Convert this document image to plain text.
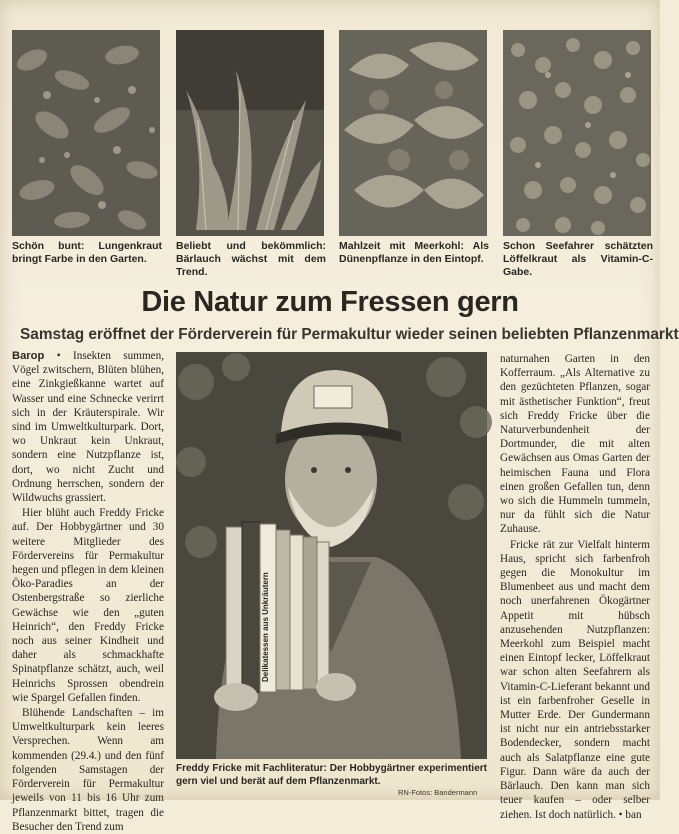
Schön bunt: Lungenkraut bringt Farbe in den Garten.
Beliebt und bekömmlich: Bärlauch wächst mit dem Trend.
Mahlzeit mit Meerkohl: Als Dünenpflanze in den Eintopf.
Schon Seefahrer schätzten Löffelkraut als Vitamin-C-Gabe.
Die Natur zum Fressen gern
Samstag eröffnet der Förderverein für Permakultur wieder seinen beliebten Pflanzenmarkt

Barop • Insekten summen, Vögel zwitschern, Blüten blühen, eine Zinkgießkanne wartet auf Wasser und eine Schnecke verirrt sich in der Kräuterspirale. Wir sind im Umweltkulturpark. Dort, wo Unkraut kein Unkraut, sondern eine Nutzpflanze ist, dort, wo nicht Zucht und Ordnung herrschen, sondern der Wildwuchs grassiert.

Hier blüht auch Freddy Fricke auf. Der Hobbygärtner und 30 weitere Mitglieder des Fördervereins für Permakultur hegen und pflegen in dem kleinen Öko-Paradies an der Ostenbergstraße so zierliche Gewächse wie den „guten Heinrich“, den Freddy Fricke noch aus seiner Kindheit und daher als schmackhafte Spinatpflanze schätzt, auch, weil Heinrichs Sprossen obendrein wie Spargel Gefallen finden.

Blühende Landschaften – im Umweltkulturpark kein leeres Versprechen. Wenn am kommenden (29.4.) und den fünf folgenden Samstagen der Förderverein für Permakultur jeweils von 11 bis 16 Uhr zum Pflanzenmarkt bittet, tragen die Besucher den Trend zum

Delikatessen aus Unkräutern
Freddy Fricke mit Fachliteratur: Der Hobbygärtner experimentiert gern viel und berät auf dem Pflanzenmarkt.
RN-Fotos: Bandermann

naturnahen Garten in den Kofferraum. „Als Alternative zu den gezüchteten Pflanzen, sogar mit ästhetischer Funktion“, freut sich Freddy Fricke über die Naturverbundenheit der Dortmunder, die mit alten Gewächsen aus Omas Garten der heimischen Fauna und Flora einen großen Gefallen tun, denn wo sich die Hummeln tummeln, nur da fühlt sich die Natur Zuhause.

Fricke rät zur Vielfalt hinterm Haus, spricht sich farbenfroh gegen die Monokultur im Blumenbeet aus und macht dem noch unerfahrenen Ökogärtner Appetit mit hübsch anzusehenden Nutzpflanzen: Meerkohl zum Beispiel macht einen Eintopf lecker, Löffelkraut war schon alten Seefahrern als Vitamin-C-Lieferant bekannt und ist ein farbenfroher Geselle in Mutter Erde. Der Gundermann ist nicht nur ein antriebsstarker Bodendecker, sondern macht auch als Salatpflanze eine gute Figur. Dann wäre da auch der Bärlauch. Den kann man sich teuer kaufen – oder selber ziehen. Ist doch natürlich. • ban
